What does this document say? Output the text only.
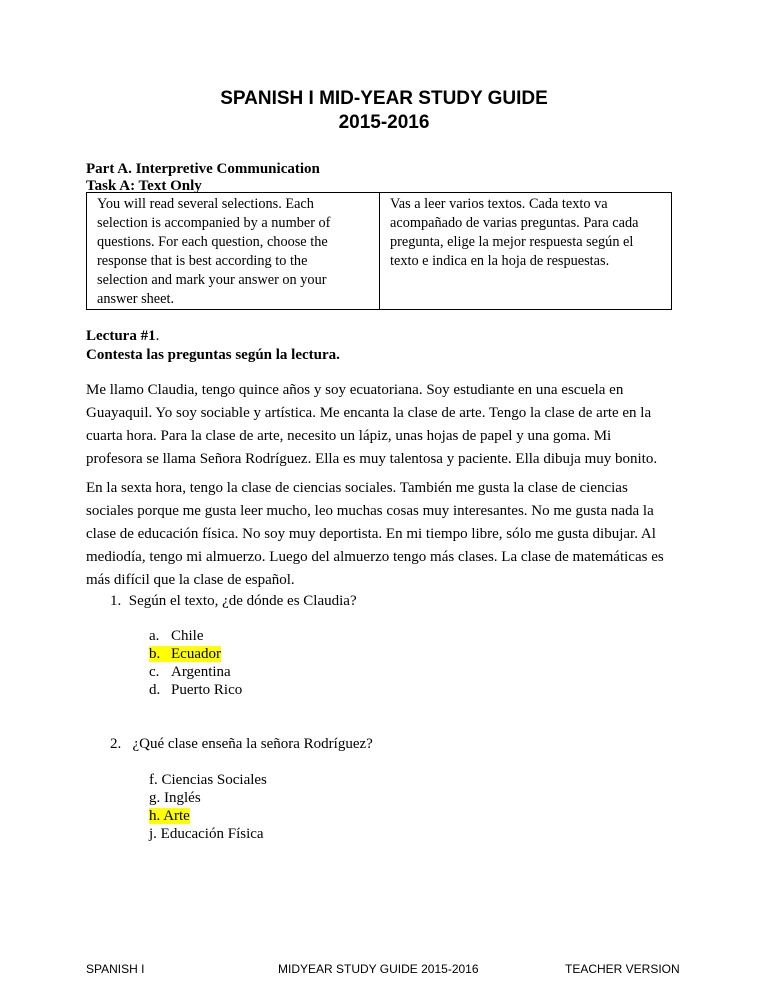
SPANISH I MID-YEAR STUDY GUIDE
2015-2016
Part A. Interpretive Communication
Task A: Text Only
You will read several selections. Each
selection is accompanied by a number of
questions. For each question, choose the
response that is best according to the
selection and mark your answer on your
answer sheet.

Vas a leer varios textos. Cada texto va
acompañado de varias preguntas. Para cada
pregunta, elige la mejor respuesta según el
texto e indica en la hoja de respuestas.
Lectura #1.
Contesta las preguntas según la lectura.
Me llamo Claudia, tengo quince años y soy ecuatoriana. Soy estudiante en una escuela en
Guayaquil. Yo soy sociable y artística. Me encanta la clase de arte. Tengo la clase de arte en la
cuarta hora. Para la clase de arte, necesito un lápiz, unas hojas de papel y una goma. Mi
profesora se llama Señora Rodríguez. Ella es muy talentosa y paciente. Ella dibuja muy bonito.
En la sexta hora, tengo la clase de ciencias sociales. También me gusta la clase de ciencias
sociales porque me gusta leer mucho, leo muchas cosas muy interesantes. No me gusta nada la
clase de educación física. No soy muy deportista. En mi tiempo libre, sólo me gusta dibujar. Al
mediodía, tengo mi almuerzo. Luego del almuerzo tengo más clases. La clase de matemáticas es
más difícil que la clase de español.
1. Según el texto, ¿de dónde es Claudia?
a. Chile
b. Ecuador
c. Argentina
d. Puerto Rico
2. ¿Qué clase enseña la señora Rodríguez?
f. Ciencias Sociales
g. Inglés
h. Arte
j. Educación Física
SPANISH I	MIDYEAR STUDY GUIDE 2015-2016	TEACHER VERSION
